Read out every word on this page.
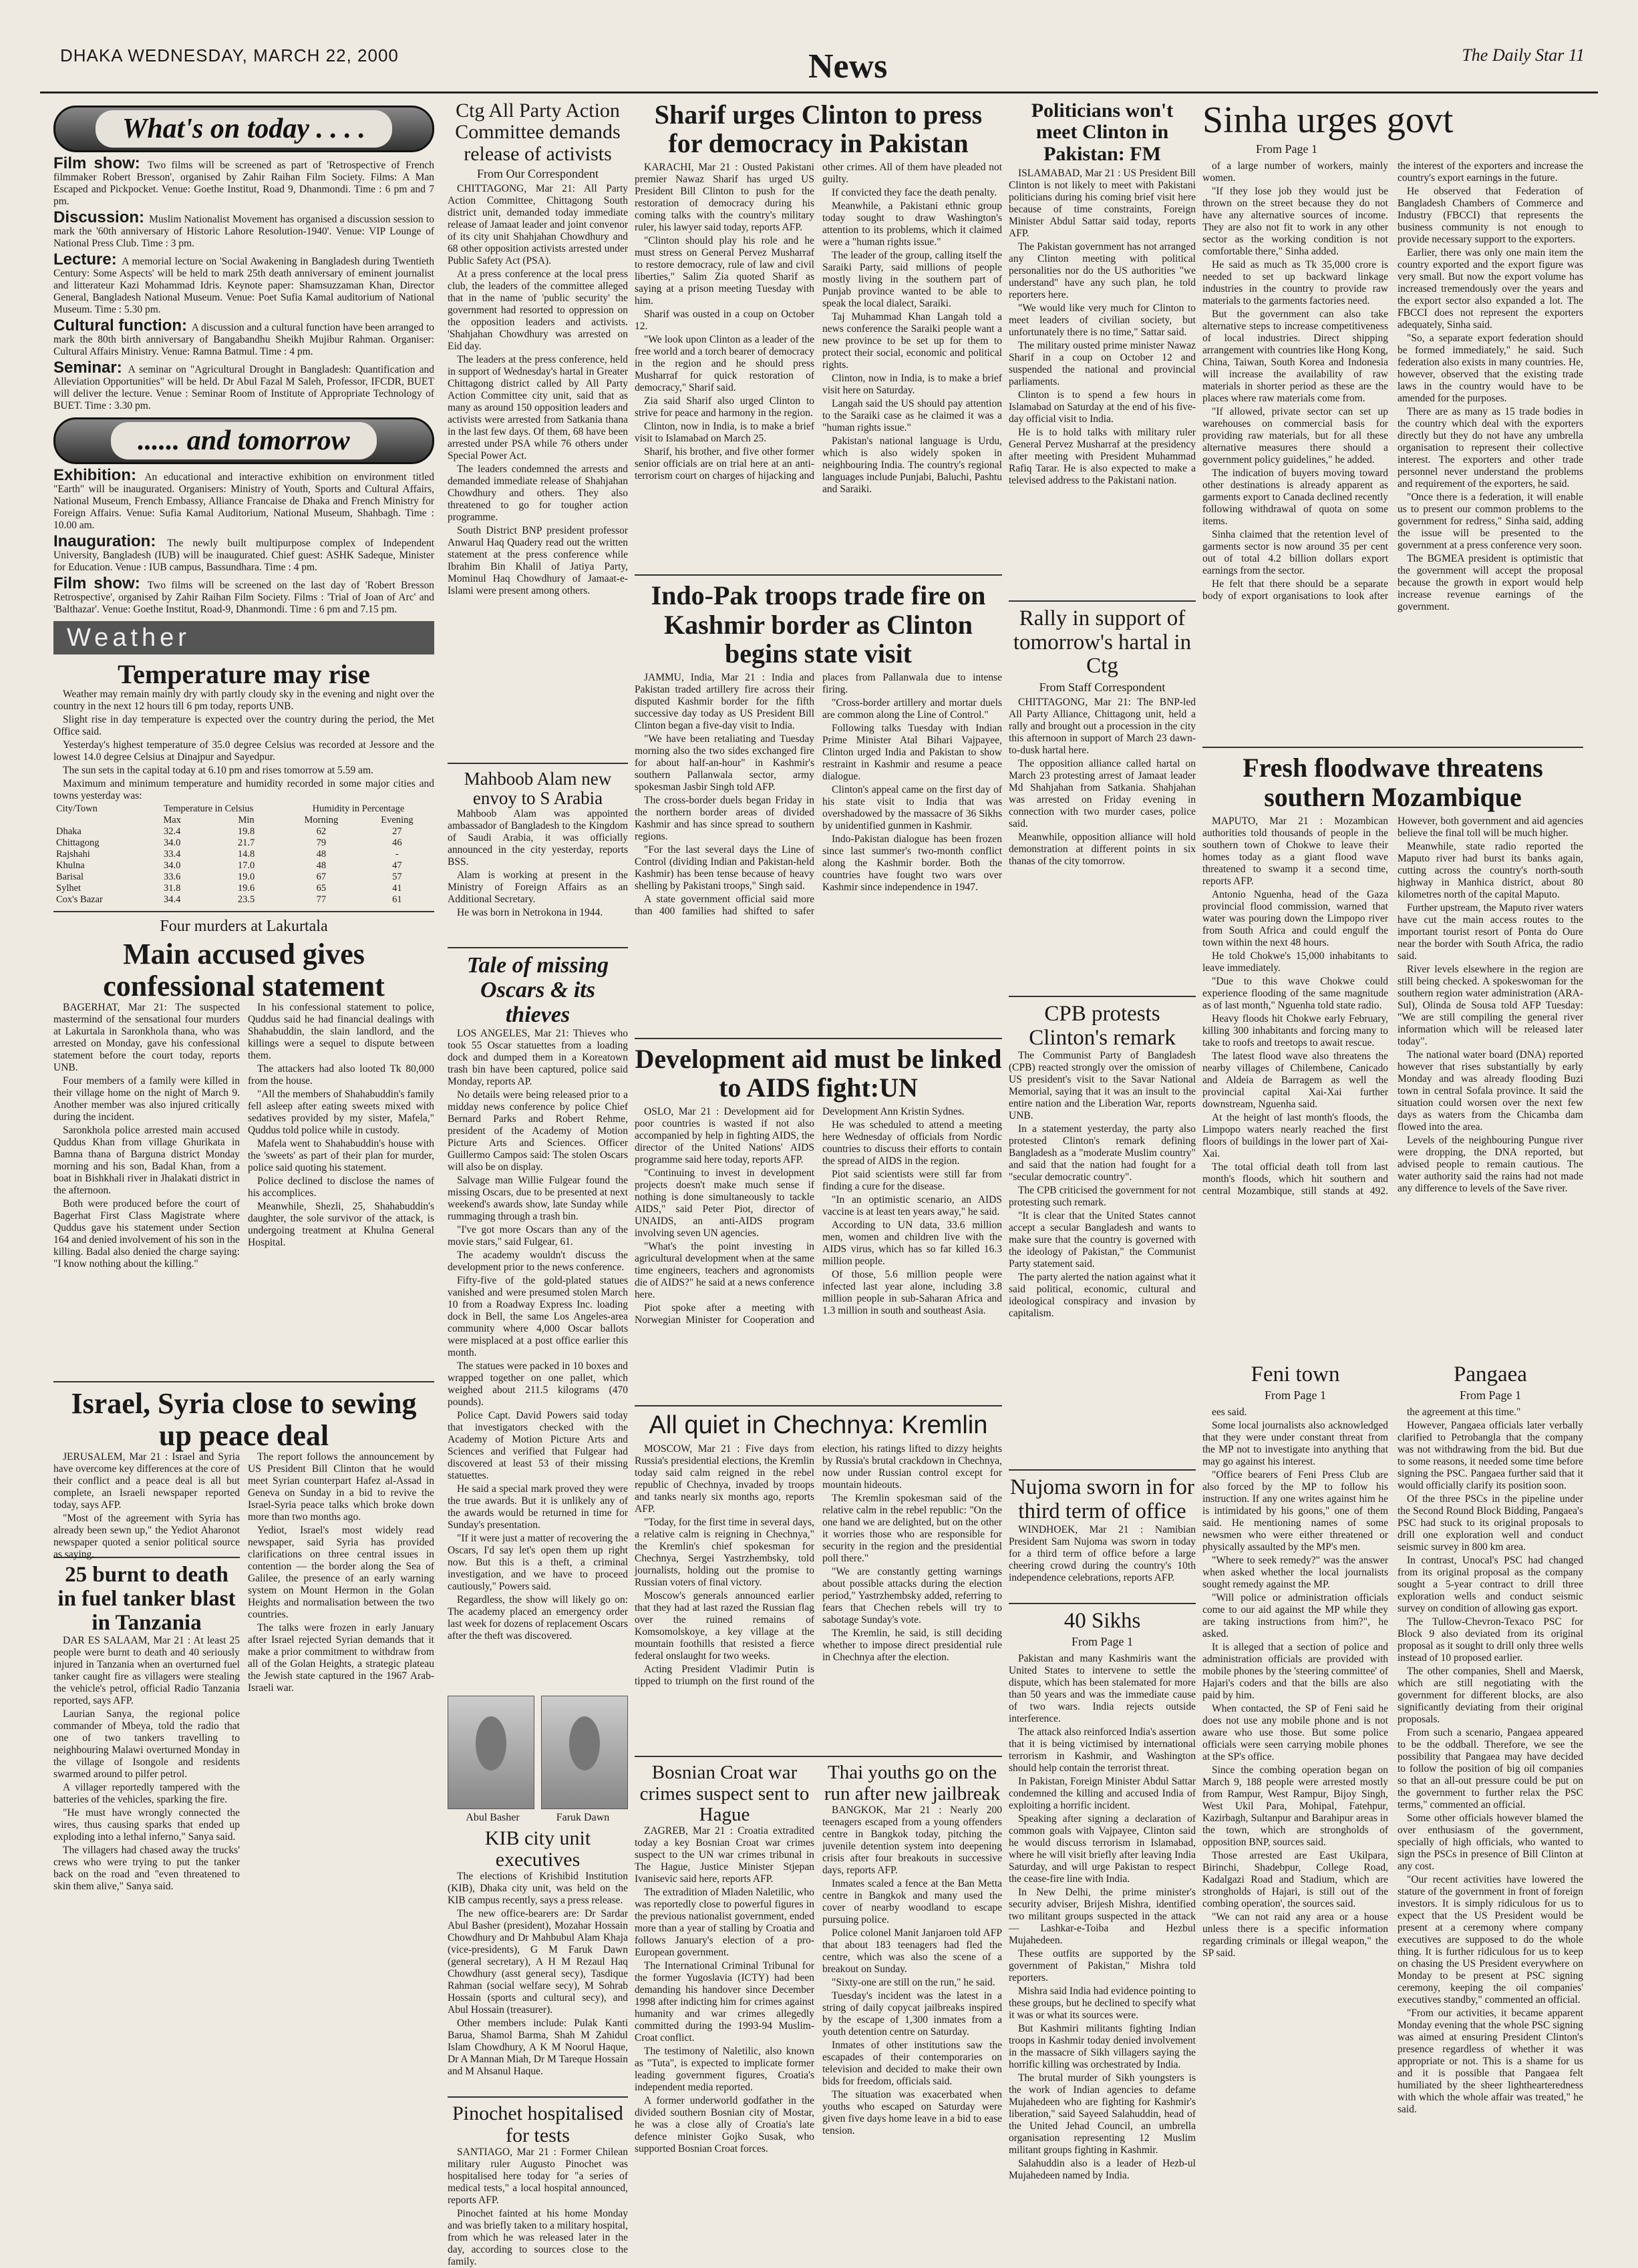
DHAKA WEDNESDAY, MARCH 22, 2000	News	The Daily Star 11
What's on today . . . .
Film show: Two films will be screened as part of 'Retrospective of French filmmaker Robert Bresson', organised by Zahir Raihan Film Society. Films: A Man Escaped and Pickpocket. Venue: Goethe Institut, Road 9, Dhanmondi. Time : 6 pm and 7 pm.
Discussion: Muslim Nationalist Movement has organised a discussion session to mark the '60th anniversary of Historic Lahore Resolution-1940'. Venue: VIP Lounge of National Press Club. Time : 3 pm.
Lecture: A memorial lecture on 'Social Awakening in Bangladesh during Twentieth Century: Some Aspects' will be held to mark 25th death anniversary of eminent journalist and litterateur Kazi Mohammad Idris. Keynote paper: Shamsuzzaman Khan, Director General, Bangladesh National Museum. Venue: Poet Sufia Kamal auditorium of National Museum. Time : 5.30 pm.
Cultural function: A discussion and a cultural function have been arranged to mark the 80th birth anniversary of Bangabandhu Sheikh Mujibur Rahman. Organiser: Cultural Affairs Ministry. Venue: Ramna Batmul. Time : 4 pm.
Seminar: A seminar on "Agricultural Drought in Bangladesh: Quantification and Alleviation Opportunities" will be held. Dr Abul Fazal M Saleh, Professor, IFCDR, BUET will deliver the lecture. Venue : Seminar Room of Institute of Appropriate Technology of BUET. Time : 3.30 pm.
...... and tomorrow
Exhibition: An educational and interactive exhibition on environment titled "Earth" will be inaugurated. Organisers: Ministry of Youth, Sports and Cultural Affairs, National Museum, French Embassy, Alliance Francaise de Dhaka and French Ministry for Foreign Affairs. Venue: Sufia Kamal Auditorium, National Museum, Shahbagh. Time : 10.00 am.
Inauguration: The newly built multipurpose complex of Independent University, Bangladesh (IUB) will be inaugurated. Chief guest: ASHK Sadeque, Minister for Education. Venue : IUB campus, Bassundhara. Time : 4 pm.
Film show: Two films will be screened on the last day of 'Robert Bresson Retrospective', organised by Zahir Raihan Film Society. Films : 'Trial of Joan of Arc' and 'Balthazar'. Venue: Goethe Institut, Road-9, Dhanmondi. Time : 6 pm and 7.15 pm.
Weather
Temperature may rise

Weather may remain mainly dry with partly cloudy sky in the evening and night over the country in the next 12 hours till 6 pm today, reports UNB.

Slight rise in day temperature is expected over the country during the period, the Met Office said.

Yesterday's highest temperature of 35.0 degree Celsius was recorded at Jessore and the lowest 14.0 degree Celsius at Dinajpur and Sayedpur.

The sun sets in the capital today at 6.10 pm and rises tomorrow at 5.59 am.

Maximum and minimum temperature and humidity recorded in some major cities and towns yesterday was:

City/Town	Temperature in Celsius		Humidity in Percentage	
	Max	Min	Morning	Evening
Dhaka	32.4	19.8	62	27
Chittagong	34.0	21.7	79	46
Rajshahi	33.4	14.8	48	-
Khulna	34.0	17.0	48	47
Barisal	33.6	19.0	67	57
Sylhet	31.8	19.6	65	41
Cox's Bazar	34.4	23.5	77	61
Four murders at Lakurtala
Main accused gives confessional statement

BAGERHAT, Mar 21: The suspected mastermind of the sensational four murders at Lakurtala in Saronkhola thana, who was arrested on Monday, gave his confessional statement before the court today, reports UNB.

Four members of a family were killed in their village home on the night of March 9. Another member was also injured critically during the incident.

Saronkhola police arrested main accused Quddus Khan from village Ghurikata in Bamna thana of Barguna district Monday morning and his son, Badal Khan, from a boat in Bishkhali river in Jhalakati district in the afternoon.

Both were produced before the court of Bagerhat First Class Magistrate where Quddus gave his statement under Section 164 and denied involvement of his son in the killing. Badal also denied the charge saying: "I know nothing about the killing."

In his confessional statement to police, Quddus said he had financial dealings with Shahabuddin, the slain landlord, and the killings were a sequel to dispute between them.

The attackers had also looted Tk 80,000 from the house.

"All the members of Shahabuddin's family fell asleep after eating sweets mixed with sedatives provided by my sister, Mafela," Quddus told police while in custody.

Mafela went to Shahabuddin's house with the 'sweets' as part of their plan for murder, police said quoting his statement.

Police declined to disclose the names of his accomplices.

Meanwhile, Shezli, 25, Shahabuddin's daughter, the sole survivor of the attack, is undergoing treatment at Khulna General Hospital.

Israel, Syria close to sewing up peace deal

JERUSALEM, Mar 21 : Israel and Syria have overcome key differences at the core of their conflict and a peace deal is all but complete, an Israeli newspaper reported today, says AFP.

"Most of the agreement with Syria has already been sewn up," the Yediot Aharonot newspaper quoted a senior political source as saying.

25 burnt to death in fuel tanker blast in Tanzania

DAR ES SALAAM, Mar 21 : At least 25 people were burnt to death and 40 seriously injured in Tanzania when an overturned fuel tanker caught fire as villagers were stealing the vehicle's petrol, official Radio Tanzania reported, says AFP.

Laurian Sanya, the regional police commander of Mbeya, told the radio that one of two tankers travelling to neighbouring Malawi overturned Monday in the village of Isongole and residents swarmed around to pilfer petrol.

A villager reportedly tampered with the batteries of the vehicles, sparking the fire.

"He must have wrongly connected the wires, thus causing sparks that ended up exploding into a lethal inferno," Sanya said.

The villagers had chased away the trucks' crews who were trying to put the tanker back on the road and "even threatened to skin them alive," Sanya said.

The report follows the announcement by US President Bill Clinton that he would meet Syrian counterpart Hafez al-Assad in Geneva on Sunday in a bid to revive the Israel-Syria peace talks which broke down more than two months ago.

Yediot, Israel's most widely read newspaper, said Syria has provided clarifications on three central issues in contention — the border along the Sea of Galilee, the presence of an early warning system on Mount Hermon in the Golan Heights and normalisation between the two countries.

The talks were frozen in early January after Israel rejected Syrian demands that it make a prior commitment to withdraw from all of the Golan Heights, a strategic plateau the Jewish state captured in the 1967 Arab-Israeli war.

Ctg All Party Action Committee demands release of activists
From Our Correspondent

CHITTAGONG, Mar 21: All Party Action Committee, Chittagong South district unit, demanded today immediate release of Jamaat leader and joint convenor of its city unit Shahjahan Chowdhury and 68 other opposition activists arrested under Public Safety Act (PSA).

At a press conference at the local press club, the leaders of the committee alleged that in the name of 'public security' the government had resorted to oppression on the opposition leaders and activists. 'Shahjahan Chowdhury was arrested on Eid day.

The leaders at the press conference, held in support of Wednesday's hartal in Greater Chittagong district called by All Party Action Committee city unit, said that as many as around 150 opposition leaders and activists were arrested from Satkania thana in the last few days. Of them, 68 have been arrested under PSA while 76 others under Special Power Act.

The leaders condemned the arrests and demanded immediate release of Shahjahan Chowdhury and others. They also threatened to go for tougher action programme.

South District BNP president professor Anwarul Haq Quadery read out the written statement at the press conference while Ibrahim Bin Khalil of Jatiya Party, Mominul Haq Chowdhury of Jamaat-e-Islami were present among others.

Mahboob Alam new envoy to S Arabia

Mahboob Alam was appointed ambassador of Bangladesh to the Kingdom of Saudi Arabia, it was officially announced in the city yesterday, reports BSS.

Alam is working at present in the Ministry of Foreign Affairs as an Additional Secretary.

He was born in Netrokona in 1944.

Tale of missing Oscars & its thieves

LOS ANGELES, Mar 21: Thieves who took 55 Oscar statuettes from a loading dock and dumped them in a Koreatown trash bin have been captured, police said Monday, reports AP.

No details were being released prior to a midday news conference by police Chief Bernard Parks and Robert Rehme, president of the Academy of Motion Picture Arts and Sciences. Officer Guillermo Campos said: The stolen Oscars will also be on display.

Salvage man Willie Fulgear found the missing Oscars, due to be presented at next weekend's awards show, late Sunday while rummaging through a trash bin.

"I've got more Oscars than any of the movie stars," said Fulgear, 61.

The academy wouldn't discuss the development prior to the news conference.

Fifty-five of the gold-plated statues vanished and were presumed stolen March 10 from a Roadway Express Inc. loading dock in Bell, the same Los Angeles-area community where 4,000 Oscar ballots were misplaced at a post office earlier this month.

The statues were packed in 10 boxes and wrapped together on one pallet, which weighed about 211.5 kilograms (470 pounds).

Police Capt. David Powers said today that investigators checked with the Academy of Motion Picture Arts and Sciences and verified that Fulgear had discovered at least 53 of their missing statuettes.

He said a special mark proved they were the true awards. But it is unlikely any of the awards would be returned in time for Sunday's presentation.

"If it were just a matter of recovering the Oscars, I'd say let's open them up right now. But this is a theft, a criminal investigation, and we have to proceed cautiously," Powers said.

Regardless, the show will likely go on: The academy placed an emergency order last week for dozens of replacement Oscars after the theft was discovered.

Abul Basher	Faruk Dawn
KIB city unit executives

The elections of Krishibid Institution (KIB), Dhaka city unit, was held on the KIB campus recently, says a press release.

The new office-bearers are: Dr Sardar Abul Basher (president), Mozahar Hossain Chowdhury and Dr Mahbubul Alam Khaja (vice-presidents), G M Faruk Dawn (general secretary), A H M Rezaul Haq Chowdhury (asst general secy), Tasdique Rahman (social welfare secy), M Sohrab Hossain (sports and cultural secy), and Abul Hossain (treasurer).

Other members include: Pulak Kanti Barua, Shamol Barma, Shah M Zahidul Islam Chowdhury, A K M Noorul Haque, Dr A Mannan Miah, Dr M Tareque Hossain and M Ahsanul Haque.

Pinochet hospitalised for tests

SANTIAGO, Mar 21 : Former Chilean military ruler Augusto Pinochet was hospitalised here today for "a series of medical tests," a local hospital announced, reports AFP.

Pinochet fainted at his home Monday and was briefly taken to a military hospital, from which he was released later in the day, according to sources close to the family.

Sharif urges Clinton to press for democracy in Pakistan

KARACHI, Mar 21 : Ousted Pakistani premier Nawaz Sharif has urged US President Bill Clinton to push for the restoration of democracy during his coming talks with the country's military ruler, his lawyer said today, reports AFP.

"Clinton should play his role and he must stress on General Pervez Musharraf to restore democracy, rule of law and civil liberties," Salim Zia quoted Sharif as saying at a prison meeting Tuesday with him.

Sharif was ousted in a coup on October 12.

"We look upon Clinton as a leader of the free world and a torch bearer of democracy in the region and he should press Musharraf for quick restoration of democracy," Sharif said.

Zia said Sharif also urged Clinton to strive for peace and harmony in the region.

Clinton, now in India, is to make a brief visit to Islamabad on March 25.

Sharif, his brother, and five other former senior officials are on trial here at an anti-terrorism court on charges of hijacking and other crimes. All of them have pleaded not guilty.

If convicted they face the death penalty.

Meanwhile, a Pakistani ethnic group today sought to draw Washington's attention to its problems, which it claimed were a "human rights issue."

The leader of the group, calling itself the Saraiki Party, said millions of people mostly living in the southern part of Punjab province wanted to be able to speak the local dialect, Saraiki.

Taj Muhammad Khan Langah told a news conference the Saraiki people want a new province to be set up for them to protect their social, economic and political rights.

Clinton, now in India, is to make a brief visit here on Saturday.

Langah said the US should pay attention to the Saraiki case as he claimed it was a "human rights issue."

Pakistan's national language is Urdu, which is also widely spoken in neighbouring India. The country's regional languages include Punjabi, Baluchi, Pashtu and Saraiki.

Indo-Pak troops trade fire on Kashmir border as Clinton begins state visit

JAMMU, India, Mar 21 : India and Pakistan traded artillery fire across their disputed Kashmir border for the fifth successive day today as US President Bill Clinton began a five-day visit to India.

"We have been retaliating and Tuesday morning also the two sides exchanged fire for about half-an-hour" in Kashmir's southern Pallanwala sector, army spokesman Jasbir Singh told AFP.

The cross-border duels began Friday in the northern border areas of divided Kashmir and has since spread to southern regions.

"For the last several days the Line of Control (dividing Indian and Pakistan-held Kashmir) has been tense because of heavy shelling by Pakistani troops," Singh said.

A state government official said more than 400 families had shifted to safer places from Pallanwala due to intense firing.

"Cross-border artillery and mortar duels are common along the Line of Control."

Following talks Tuesday with Indian Prime Minister Atal Bihari Vajpayee, Clinton urged India and Pakistan to show restraint in Kashmir and resume a peace dialogue.

Clinton's appeal came on the first day of his state visit to India that was overshadowed by the massacre of 36 Sikhs by unidentified gunmen in Kashmir.

Indo-Pakistan dialogue has been frozen since last summer's two-month conflict along the Kashmir border. Both the countries have fought two wars over Kashmir since independence in 1947.

Development aid must be linked to AIDS fight:UN

OSLO, Mar 21 : Development aid for poor countries is wasted if not also accompanied by help in fighting AIDS, the director of the United Nations' AIDS programme said here today, reports AFP.

"Continuing to invest in development projects doesn't make much sense if nothing is done simultaneously to tackle AIDS," said Peter Piot, director of UNAIDS, an anti-AIDS program involving seven UN agencies.

"What's the point investing in agricultural development when at the same time engineers, teachers and agronomists die of AIDS?" he said at a news conference here.

Piot spoke after a meeting with Norwegian Minister for Cooperation and Development Ann Kristin Sydnes.

He was scheduled to attend a meeting here Wednesday of officials from Nordic countries to discuss their efforts to contain the spread of AIDS in the region.

Piot said scientists were still far from finding a cure for the disease.

"In an optimistic scenario, an AIDS vaccine is at least ten years away," he said.

According to UN data, 33.6 million men, women and children live with the AIDS virus, which has so far killed 16.3 million people.

Of those, 5.6 million people were infected last year alone, including 3.8 million people in sub-Saharan Africa and 1.3 million in south and southeast Asia.

All quiet in Chechnya: Kremlin

MOSCOW, Mar 21 : Five days from Russia's presidential elections, the Kremlin today said calm reigned in the rebel republic of Chechnya, invaded by troops and tanks nearly six months ago, reports AFP.

"Today, for the first time in several days, a relative calm is reigning in Chechnya," the Kremlin's chief spokesman for Chechnya, Sergei Yastrzhembsky, told journalists, holding out the promise to Russian voters of final victory.

Moscow's generals announced earlier that they had at last razed the Russian flag over the ruined remains of Komsomolskoye, a key village at the mountain foothills that resisted a fierce federal onslaught for two weeks.

Acting President Vladimir Putin is tipped to triumph on the first round of the election, his ratings lifted to dizzy heights by Russia's brutal crackdown in Chechnya, now under Russian control except for mountain hideouts.

The Kremlin spokesman said of the relative calm in the rebel republic: "On the one hand we are delighted, but on the other it worries those who are responsible for security in the region and the presidential poll there."

"We are constantly getting warnings about possible attacks during the election period," Yastrzhembsky added, referring to fears that Chechen rebels will try to sabotage Sunday's vote.

The Kremlin, he said, is still deciding whether to impose direct presidential rule in Chechnya after the election.

Bosnian Croat war crimes suspect sent to Hague

ZAGREB, Mar 21 : Croatia extradited today a key Bosnian Croat war crimes suspect to the UN war crimes tribunal in The Hague, Justice Minister Stjepan Ivanisevic said here, reports AFP.

The extradition of Mladen Naletilic, who was reportedly close to powerful figures in the previous nationalist government, ended more than a year of stalling by Croatia and follows January's election of a pro-European government.

The International Criminal Tribunal for the former Yugoslavia (ICTY) had been demanding his handover since December 1998 after indicting him for crimes against humanity and war crimes allegedly committed during the 1993-94 Muslim-Croat conflict.

The testimony of Naletilic, also known as "Tuta", is expected to implicate former leading government figures, Croatia's independent media reported.

A former underworld godfather in the divided southern Bosnian city of Mostar, he was a close ally of Croatia's late defence minister Gojko Susak, who supported Bosnian Croat forces.

Thai youths go on the run after new jailbreak

BANGKOK, Mar 21 : Nearly 200 teenagers escaped from a young offenders centre in Bangkok today, pitching the juvenile detention system into deepening crisis after four breakouts in successive days, reports AFP.

Inmates scaled a fence at the Ban Metta centre in Bangkok and many used the cover of nearby woodland to escape pursuing police.

Police colonel Manit Janjaroen told AFP that about 183 teenagers had fled the centre, which was also the scene of a breakout on Sunday.

"Sixty-one are still on the run," he said.

Tuesday's incident was the latest in a string of daily copycat jailbreaks inspired by the escape of 1,300 inmates from a youth detention centre on Saturday.

Inmates of other institutions saw the escapades of their contemporaries on television and decided to make their own bids for freedom, officials said.

The situation was exacerbated when youths who escaped on Saturday were given five days home leave in a bid to ease tension.

Politicians won't meet Clinton in Pakistan: FM

ISLAMABAD, Mar 21 : US President Bill Clinton is not likely to meet with Pakistani politicians during his coming brief visit here because of time constraints, Foreign Minister Abdul Sattar said today, reports AFP.

The Pakistan government has not arranged any Clinton meeting with political personalities nor do the US authorities "we understand" have any such plan, he told reporters here.

"We would like very much for Clinton to meet leaders of civilian society, but unfortunately there is no time," Sattar said.

The military ousted prime minister Nawaz Sharif in a coup on October 12 and suspended the national and provincial parliaments.

Clinton is to spend a few hours in Islamabad on Saturday at the end of his five-day official visit to India.

He is to hold talks with military ruler General Pervez Musharraf at the presidency after meeting with President Muhammad Rafiq Tarar. He is also expected to make a televised address to the Pakistani nation.

Rally in support of tomorrow's hartal in Ctg
From Staff Correspondent

CHITTAGONG, Mar 21: The BNP-led All Party Alliance, Chittagong unit, held a rally and brought out a procession in the city this afternoon in support of March 23 dawn-to-dusk hartal here.

The opposition alliance called hartal on March 23 protesting arrest of Jamaat leader Md Shahjahan from Satkania. Shahjahan was arrested on Friday evening in connection with two murder cases, police said.

Meanwhile, opposition alliance will hold demonstration at different points in six thanas of the city tomorrow.

CPB protests Clinton's remark

The Communist Party of Bangladesh (CPB) reacted strongly over the omission of US president's visit to the Savar National Memorial, saying that it was an insult to the entire nation and the Liberation War, reports UNB.

In a statement yesterday, the party also protested Clinton's remark defining Bangladesh as a "moderate Muslim country" and said that the nation had fought for a "secular democratic country".

The CPB criticised the government for not protesting such remark.

"It is clear that the United States cannot accept a secular Bangladesh and wants to make sure that the country is governed with the ideology of Pakistan," the Communist Party statement said.

The party alerted the nation against what it said political, economic, cultural and ideological conspiracy and invasion by capitalism.

Nujoma sworn in for third term of office

WINDHOEK, Mar 21 : Namibian President Sam Nujoma was sworn in today for a third term of office before a large cheering crowd during the country's 10th independence celebrations, reports AFP.

40 Sikhs
From Page 1

Pakistan and many Kashmiris want the United States to intervene to settle the dispute, which has been stalemated for more than 50 years and was the immediate cause of two wars. India rejects outside interference.

The attack also reinforced India's assertion that it is being victimised by international terrorism in Kashmir, and Washington should help contain the terrorist threat.

In Pakistan, Foreign Minister Abdul Sattar condemned the killing and accused India of exploiting a horrific incident.

Speaking after signing a declaration of common goals with Vajpayee, Clinton said he would discuss terrorism in Islamabad, where he will visit briefly after leaving India Saturday, and will urge Pakistan to respect the cease-fire line with India.

In New Delhi, the prime minister's security adviser, Brijesh Mishra, identified two militant groups suspected in the attack — Lashkar-e-Toiba and Hezbul Mujahedeen.

These outfits are supported by the government of Pakistan," Mishra told reporters.

Mishra said India had evidence pointing to these groups, but he declined to specify what it was or what its sources were.

But Kashmiri militants fighting Indian troops in Kashmir today denied involvement in the massacre of Sikh villagers saying the horrific killing was orchestrated by India.

The brutal murder of Sikh youngsters is the work of Indian agencies to defame Mujahedeen who are fighting for Kashmir's liberation," said Sayeed Salahuddin, head of the United Jehad Council, an umbrella organisation representing 12 Muslim militant groups fighting in Kashmir.

Salahuddin also is a leader of Hezb-ul Mujahedeen named by India.

Sinha urges govt
From Page 1

of a large number of workers, mainly women.

"If they lose job they would just be thrown on the street because they do not have any alternative sources of income. They are also not fit to work in any other sector as the working condition is not comfortable there," Sinha added.

He said as much as Tk 35,000 crore is needed to set up backward linkage industries in the country to provide raw materials to the garments factories need.

But the government can also take alternative steps to increase competitiveness of local industries. Direct shipping arrangement with countries like Hong Kong, China, Taiwan, South Korea and Indonesia will increase the availability of raw materials in shorter period as these are the places where raw materials come from.

"If allowed, private sector can set up warehouses on commercial basis for providing raw materials, but for all these alternative measures there should a government policy guidelines," he added.

The indication of buyers moving toward other destinations is already apparent as garments export to Canada declined recently following withdrawal of quota on some items.

Sinha claimed that the retention level of garments sector is now around 35 per cent out of total 4.2 billion dollars export earnings from the sector.

He felt that there should be a separate body of export organisations to look after the interest of the exporters and increase the country's export earnings in the future.

He observed that Federation of Bangladesh Chambers of Commerce and Industry (FBCCI) that represents the business community is not enough to provide necessary support to the exporters.

Earlier, there was only one main item the country exported and the export figure was very small. But now the export volume has increased tremendously over the years and the export sector also expanded a lot. The FBCCI does not represent the exporters adequately, Sinha said.

"So, a separate export federation should be formed immediately," he said. Such federation also exists in many countries. He, however, observed that the existing trade laws in the country would have to be amended for the purposes.

There are as many as 15 trade bodies in the country which deal with the exporters directly but they do not have any umbrella organisation to represent their collective interest. The exporters and other trade personnel never understand the problems and requirement of the exporters, he said.

"Once there is a federation, it will enable us to present our common problems to the government for redress," Sinha said, adding the issue will be presented to the government at a press conference very soon.

The BGMEA president is optimistic that the government will accept the proposal because the growth in export would help increase revenue earnings of the government.

Fresh floodwave threatens southern Mozambique

MAPUTO, Mar 21 : Mozambican authorities told thousands of people in the southern town of Chokwe to leave their homes today as a giant flood wave threatened to swamp it a second time, reports AFP.

Antonio Nguenha, head of the Gaza provincial flood commission, warned that water was pouring down the Limpopo river from South Africa and could engulf the town within the next 48 hours.

He told Chokwe's 15,000 inhabitants to leave immediately.

"Due to this wave Chokwe could experience flooding of the same magnitude as of last month," Nguenha told state radio.

Heavy floods hit Chokwe early February, killing 300 inhabitants and forcing many to take to roofs and treetops to await rescue.

The latest flood wave also threatens the nearby villages of Chilembene, Canicado and Aldeia de Barragem as well the provincial capital Xai-Xai further downstream, Nguenha said.

At the height of last month's floods, the Limpopo waters nearly reached the first floors of buildings in the lower part of Xai-Xai.

The total official death toll from last month's floods, which hit southern and central Mozambique, still stands at 492. However, both government and aid agencies believe the final toll will be much higher.

Meanwhile, state radio reported the Maputo river had burst its banks again, cutting across the country's north-south highway in Manhica district, about 80 kilometres north of the capital Maputo.

Further upstream, the Maputo river waters have cut the main access routes to the important tourist resort of Ponta do Oure near the border with South Africa, the radio said.

River levels elsewhere in the region are still being checked. A spokeswoman for the southern region water administration (ARA-Sul), Olinda de Sousa told AFP Tuesday: "We are still compiling the general river information which will be released later today".

The national water board (DNA) reported however that rises substantially by early Monday and was already flooding Buzi town in central Sofala province. It said the situation could worsen over the next few days as waters from the Chicamba dam flowed into the area.

Levels of the neighbouring Pungue river were dropping, the DNA reported, but advised people to remain cautious. The water authority said the rains had not made any difference to levels of the Save river.

Feni town
From Page 1

ees said.

Some local journalists also acknowledged that they were under constant threat from the MP not to investigate into anything that may go against his interest.

"Office bearers of Feni Press Club are also forced by the MP to follow his instruction. If any one writes against him he is intimidated by his goons," one of them said. He mentioning names of some newsmen who were either threatened or physically assaulted by the MP's men.

"Where to seek remedy?" was the answer when asked whether the local journalists sought remedy against the MP.

"Will police or administration officials come to our aid against the MP while they are taking instructions from him?", he asked.

It is alleged that a section of police and administration officials are provided with mobile phones by the 'steering committee' of Hajari's coders and that the bills are also paid by him.

When contacted, the SP of Feni said he does not use any mobile phone and is not aware who use those. But some police officials were seen carrying mobile phones at the SP's office.

Since the combing operation began on March 9, 188 people were arrested mostly from Rampur, West Rampur, Bijoy Singh, West Ukil Para, Mohipal, Fatehpur, Kazirbagh, Sultanpur and Barahipur areas in the town, which are strongholds of opposition BNP, sources said.

Those arrested are East Ukilpara, Birinchi, Shadebpur, College Road, Kadalgazi Road and Stadium, which are strongholds of Hajari, is still out of the combing operation', the sources said.

"We can not raid any area or a house unless there is a specific information regarding criminals or illegal weapon," the SP said.

Pangaea
From Page 1

the agreement at this time."

However, Pangaea officials later verbally clarified to Petrobangla that the company was not withdrawing from the bid. But due to some reasons, it needed some time before signing the PSC. Pangaea further said that it would officially clarify its position soon.

Of the three PSCs in the pipeline under the Second Round Block Bidding, Pangaea's PSC had stuck to its original proposals to drill one exploration well and conduct seismic survey in 800 km area.

In contrast, Unocal's PSC had changed from its original proposal as the company sought a 5-year contract to drill three exploration wells and conduct seismic survey on condition of allowing gas export.

The Tullow-Chevron-Texaco PSC for Block 9 also deviated from its original proposal as it sought to drill only three wells instead of 10 proposed earlier.

The other companies, Shell and Maersk, which are still negotiating with the government for different blocks, are also significantly deviating from their original proposals.

From such a scenario, Pangaea appeared to be the oddball. Therefore, we see the possibility that Pangaea may have decided to follow the position of big oil companies so that an all-out pressure could be put on the government to further relax the PSC terms," commented an official.

Some other officials however blamed the over enthusiasm of the government, specially of high officials, who wanted to sign the PSCs in presence of Bill Clinton at any cost.

"Our recent activities have lowered the stature of the government in front of foreign investors. It is simply ridiculous for us to expect that the US President would be present at a ceremony where company executives are supposed to do the whole thing. It is further ridiculous for us to keep on chasing the US President everywhere on Monday to be present at PSC signing ceremony, keeping the oil companies' executives standby," commented an official.

"From our activities, it became apparent Monday evening that the whole PSC signing was aimed at ensuring President Clinton's presence regardless of whether it was appropriate or not. This is a shame for us and it is possible that Pangaea felt humiliated by the sheer lighthearteredness with which the whole affair was treated," he said.
